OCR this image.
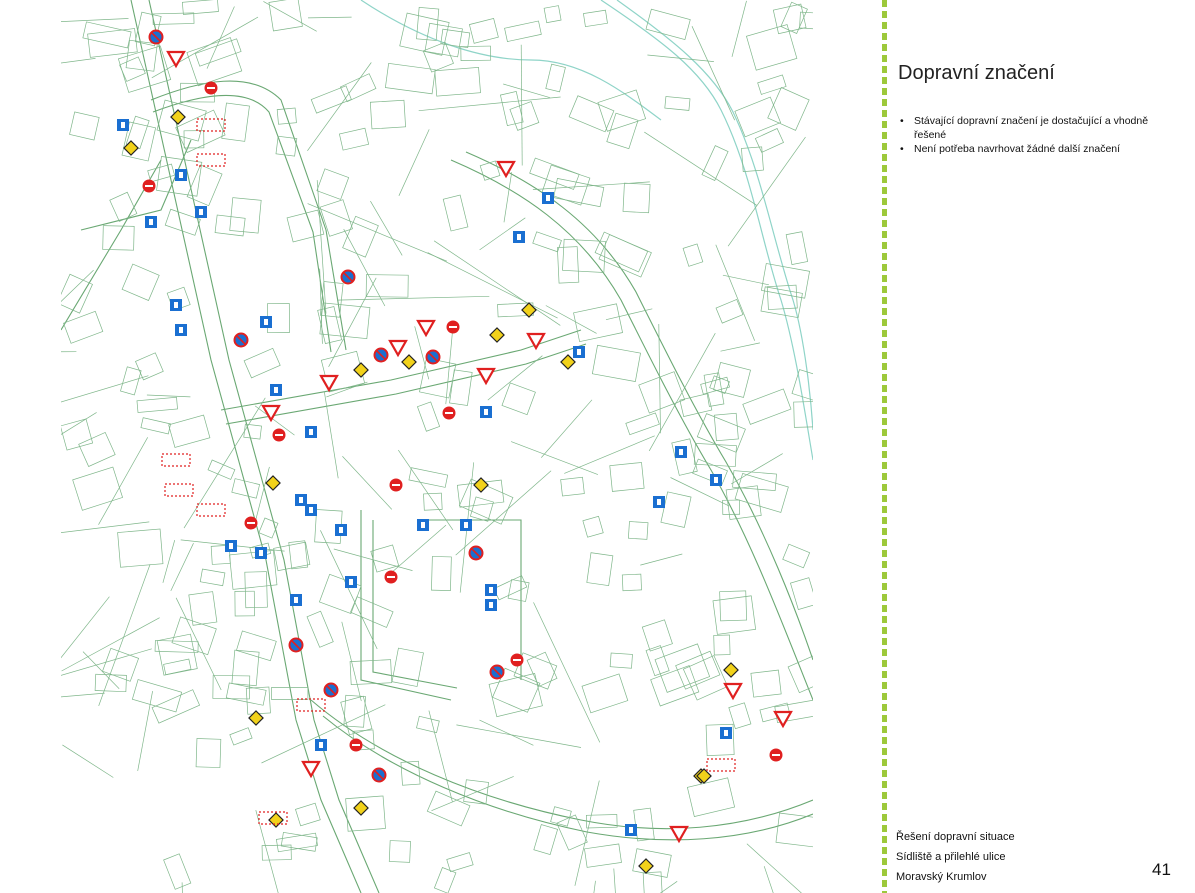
Dopravní značení
• Stávající dopravní značení je dostačující a vhodně řešené
• Není potřeba navrhovat žádné další značení
Řešení dopravní situace
Sídliště a přilehlé ulice
Moravský Krumlov	41
